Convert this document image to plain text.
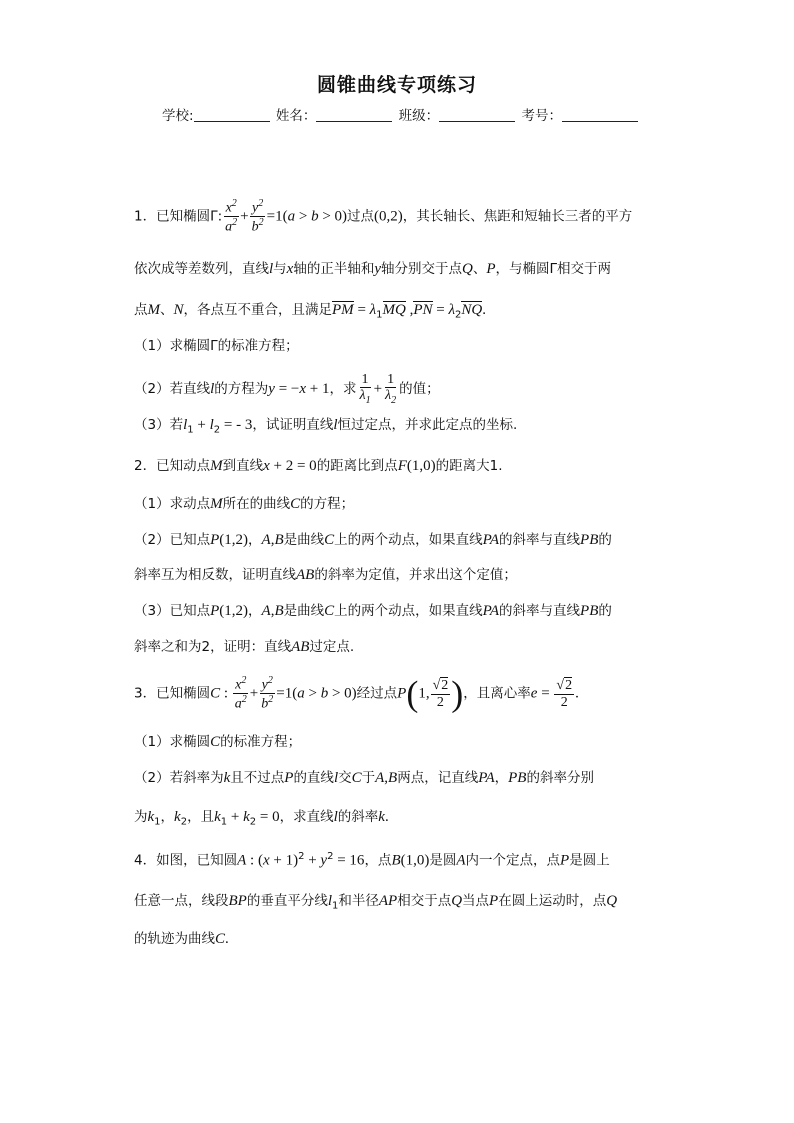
圆锥曲线专项练习
学校:	姓名：	班级：	考号：
1．已知椭圆Γ: $\frac{x^2}{a^2} + \frac{y^2}{b^2} =1(a > b > 0)$过点(0,2)，其长轴长、焦距和短轴长三者的平方
依次成等差数列，直线l与x轴的正半轴和y轴分别交于点Q、P，与椭圆Γ相交于两
点M、N，各点互不重合，且满足PM = $\lambda_1MQ$ $,PN = \lambda_2NQ$.
（1）求椭圆Γ的标准方程；
（2）若直线l的方程为y = −x + 1，求 $\frac{1}{\lambda_1} + \frac{1}{\lambda_2}$ 的值；
（3）若$l_1 + l_2$ = - 3，试证明直线l恒过定点，并求此定点的坐标.
2．已知动点M到直线x + 2 = 0的距离比到点F(1,0)的距离大1.
（1）求动点M所在的曲线C的方程；
（2）已知点P(1,2)，A,B是曲线C上的两个动点，如果直线PA的斜率与直线PB的
斜率互为相反数，证明直线AB的斜率为定值，并求出这个定值；
（3）已知点P(1,2)，A,B是曲线C上的两个动点，如果直线PA的斜率与直线PB的
斜率之和为2，证明：直线AB过定点.
3．已知椭圆C : $\frac{x^2}{a^2} + \frac{y^2}{b^2} =1(a > b > 0)$经过点P(1, $\frac{√2}{2}$ )，且离心率$e = \frac{√2}{2}$ .
（1）求椭圆C的标准方程；
（2）若斜率为k且不过点P的直线l交C于A,B两点，记直线PA，PB的斜率分别
为$k_1$，$k_2$，且$k_1 + k_2 = 0$，求直线l的斜率k.
4．如图，已知圆A : $(x + 1)^2 + y^2 = 16$，点B(1,0)是圆A内一个定点，点P是圆上
任意一点，线段BP的垂直平分线$l_1$和半径AP相交于点Q当点P在圆上运动时，点Q
的轨迹为曲线C.
